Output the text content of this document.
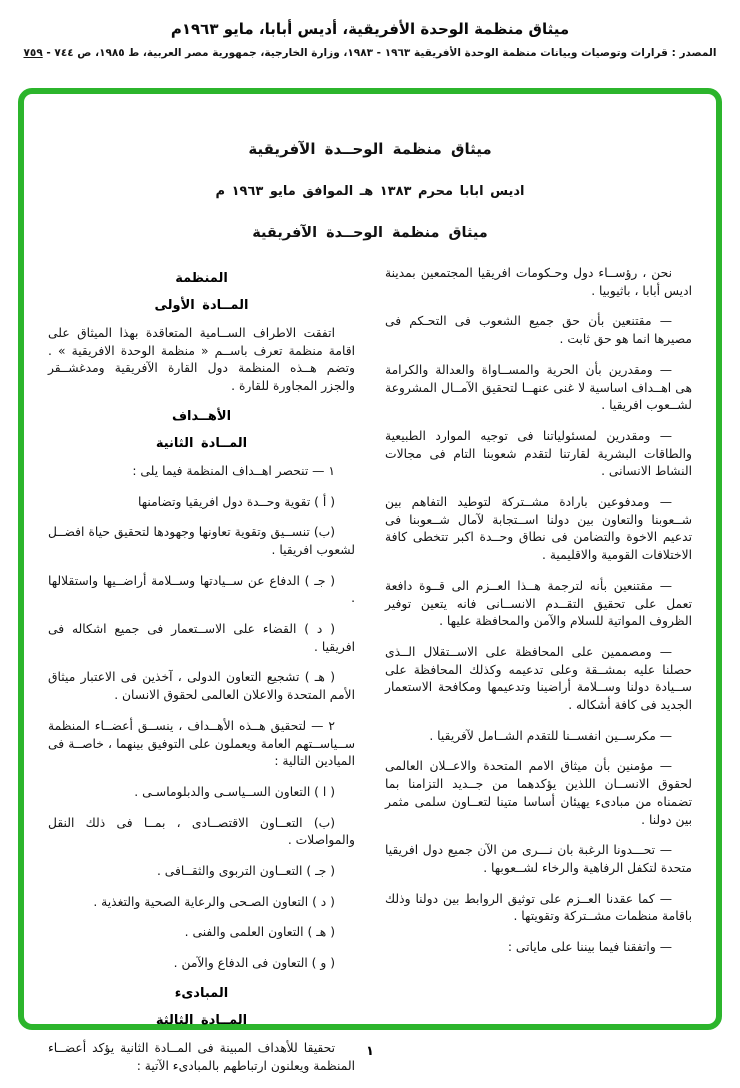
ميثاق منظمة الوحدة الأفريقية، أديس أبابا، مايو ١٩٦٣م
المصدر : قرارات وتوصيات وبيانات منظمة الوحدة الأفريقية ١٩٦٣ - ١٩٨٣، وزارة الخارجية، جمهورية مصر العربية، ط ١٩٨٥، ص ٧٤٤ - ٧٥٩
ميثاق منظمة الوحــدة الآفريقية
اديس ابابا محرم ١٣٨٣ هـ الموافق مايو ١٩٦٣ م
ميثاق منظمة الوحــدة الآفريقية

نحن ، رؤســاء دول وحـكومات افريقيا المجتمعين بمدينة اديس أبابا ، باثيوبيا .

— مقتنعين بأن حق جميع الشعوب فى التحـكم فى مصيرها انما هو حق ثابت .

— ومقدرين بأن الحرية والمســاواة والعدالة والكرامة هى اهــداف اساسية لا غنى عنهــا لتحقيق الآمــال المشروعة لشــعوب افريقيا .

— ومقدرين لمسئولياتنا فى توجيه الموارد الطبيعية والطاقات البشرية لقارتنا لتقدم شعوبنا التام فى مجالات النشاط الانسانى .

— ومدفوعين بارادة مشــتركة لتوطيد التفاهم بين شــعوبنا والتعاون بين دولنا اســتجابة لآمال شــعوبنا فى تدعيم الاخوة والتضامن فى نطاق وحــدة اكبر تتخطى كافة الاختلافات القومية والاقليمية .

— مقتنعين بأنه لترجمة هــذا العــزم الى قــوة دافعة تعمل على تحقيق التقــدم الانســانى فانه يتعين توفير الظروف المواتية للسلام والآمن والمحافظة عليها .

— ومصممين على المحافظة على الاســتقلال الــذى حصلنا عليه بمشــقة وعلى تدعيمه وكذلك المحافظة على ســيادة دولنا وســلامة أراضينا وتدعيمها ومكافحة الاستعمار الجديد فى كافة أشكاله .

— مكرســين انفســنا للتقدم الشــامل لآفريقيا .

— مؤمنين بأن ميثاق الامم المتحدة والاعــلان العالمى لحقوق الانســان اللذين يؤكدهما من جــديد التزامنا بما تضمناه من مبادىء يهيئان أساسا متينا لتعــاون سلمى مثمر بين دولنا .

— تحـــدونا الرغبة بان نـــرى من الآن جميع دول افريقيا متحدة لتكفل الرفاهية والرخاء لشــعوبها .

— كما عقدنا العــزم على توثيق الروابط بين دولنا وذلك باقامة منظمات مشــتركة وتقويتها .

— واتفقنا فيما بيننا على ماياتى :

المنظمة
المــادة الأولى

اتفقت الاطراف الســامية المتعاقدة بهذا الميثاق على اقامة منظمة تعرف باســم « منظمة الوحدة الافريقية » . وتضم هــذه المنظمة دول القارة الآفريقية ومدغشــقر والجزر المجاورة للقارة .

الأهــداف
المــادة الثانية

١ — تنحصر اهــداف المنظمة فيما يلى :

( أ ) تقوية وحــدة دول افريقيا وتضامنها

(ب) تنســيق وتقوية تعاونها وجهودها لتحقيق حياة افضــل لشعوب افريقيا .

( جـ ) الدفاع عن ســيادتها وســلامة أراضــيها واستقلالها .

( د ) القضاء على الاســتعمار فى جميع اشكاله فى افريقيا .

( هـ ) تشجيع التعاون الدولى ، آخذين فى الاعتبار ميثاق الأمم المتحدة والاعلان العالمى لحقوق الانسان .

٢ — لتحقيق هــذه الأهــداف ، ينســق أعضــاء المنظمة ســياســتهم العامة ويعملون على التوفيق بينهما ، خاصــة فى الميادين التالية :

( ا ) التعاون الســياسـى والدبلوماسـى .

(ب) التعــاون الاقتصــادى ، بمــا فى ذلك النقل والمواصلات .

( جـ ) التعــاون التربوى والثقــافى .

( د ) التعاون الصـحى والرعاية الصحية والتغذية .

( هـ ) التعاون العلمى والفنى .

( و ) التعاون فى الدفاع والآمن .

المبادىء
المــادة الثالثة

تحقيقا للأهداف المبينة فى المــادة الثانية يؤكد أعضــاء المنظمة ويعلنون ارتباطهم بالمبادىء الآتية :

١
